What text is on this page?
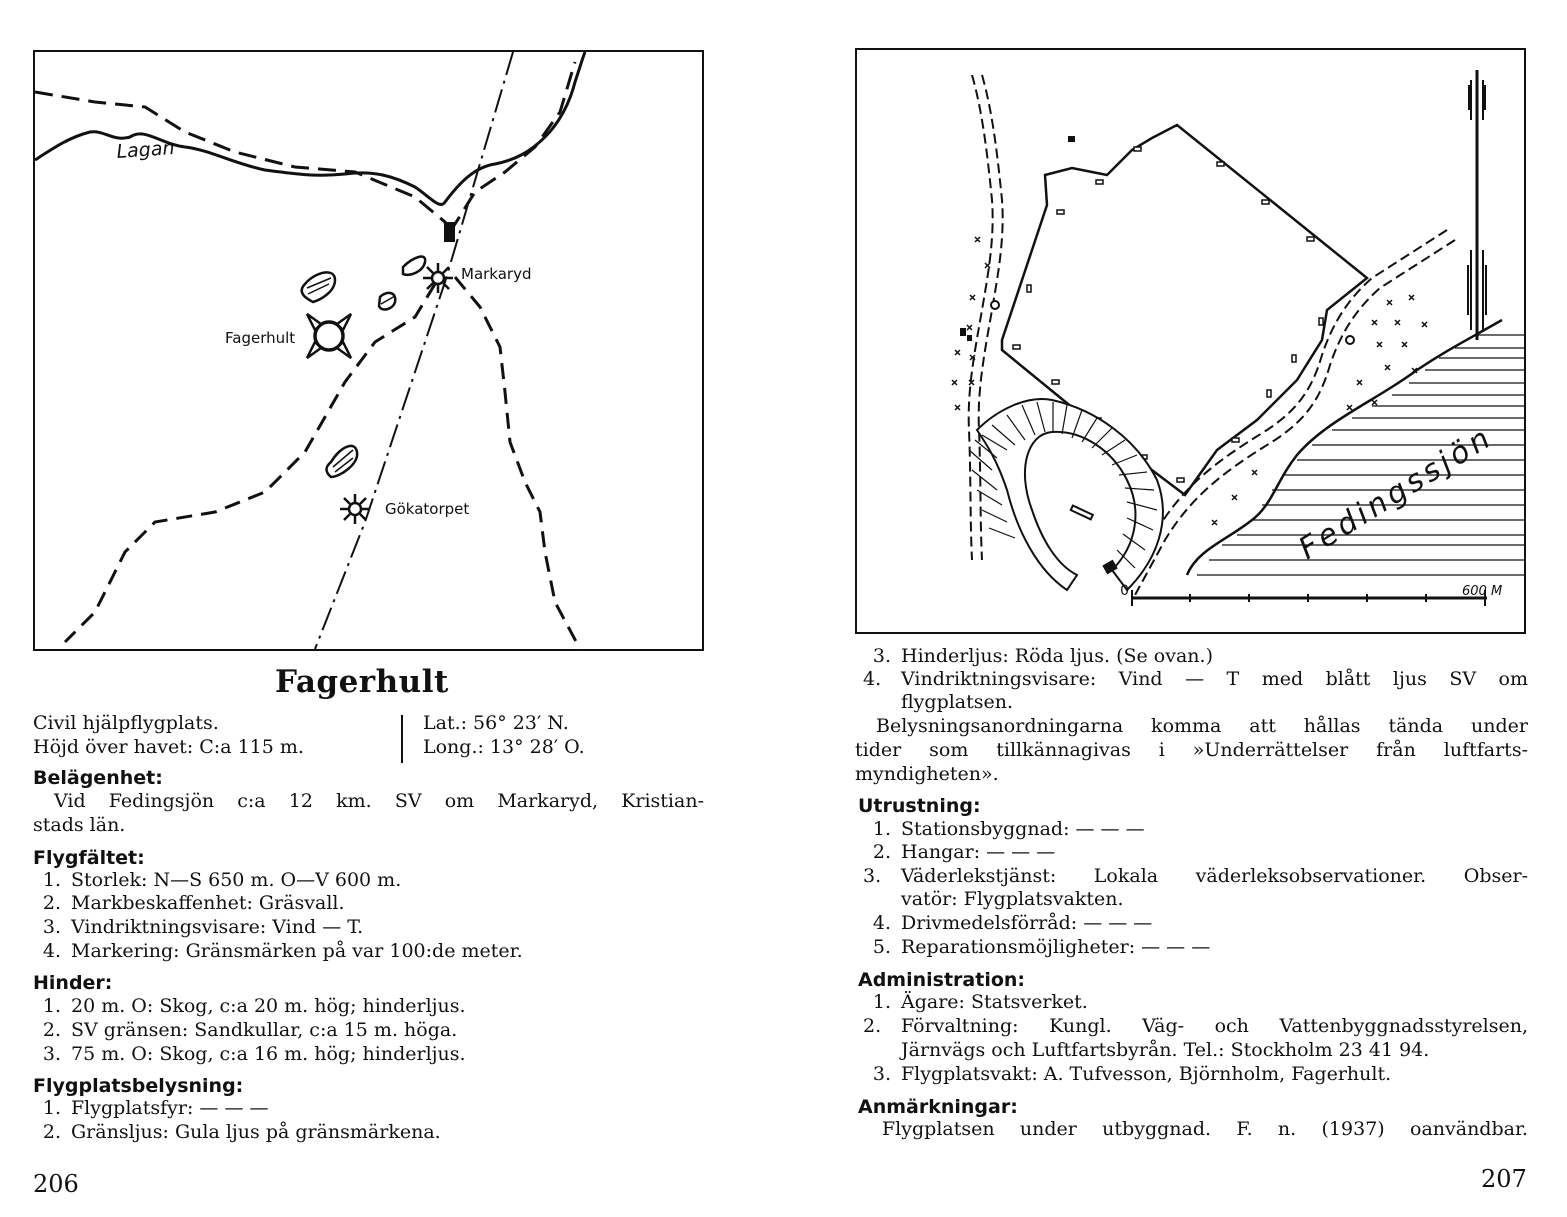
Lagan
Markaryd
Fagerhult
Gökatorpet
Fagerhult
Civil hjälpflygplats.
Höjd över havet: C:a 115 m.
Lat.: 56° 23′ N.
Long.: 13° 28′ O.
Belägenhet:
Vid Fedingsjön c:a 12 km. SV om Markaryd, Kristian-
stads län.
Flygfältet:
1. Storlek: N—S 650 m. O—V 600 m.
2. Markbeskaffenhet: Gräsvall.
3. Vindriktningsvisare: Vind — T.
4. Markering: Gränsmärken på var 100:de meter.
Hinder:
1. 20 m. O: Skog, c:a 20 m. hög; hinderljus.
2. SV gränsen: Sandkullar, c:a 15 m. höga.
3. 75 m. O: Skog, c:a 16 m. hög; hinderljus.
Flygplatsbelysning:
1. Flygplatsfyr: — — —
2. Gränsljus: Gula ljus på gränsmärkena.
206
0	600 M
Fedingssjön
3. Hinderljus: Röda ljus. (Se ovan.)
4. Vindriktningsvisare: Vind — T med blått ljus SV om
flygplatsen.
Belysningsanordningarna komma att hållas tända under
tider som tillkännagivas i »Underrättelser från luftfarts-
myndigheten».
Utrustning:
1. Stationsbyggnad: — — —
2. Hangar: — — —
3. Väderlekstjänst: Lokala väderleksobservationer. Obser-
vatör: Flygplatsvakten.
4. Drivmedelsförråd: — — —
5. Reparationsmöjligheter: — — —
Administration:
1. Ägare: Statsverket.
2. Förvaltning: Kungl. Väg- och Vattenbyggnadsstyrelsen,
Järnvägs och Luftfartsbyrån. Tel.: Stockholm 23 41 94.
3. Flygplatsvakt: A. Tufvesson, Björnholm, Fagerhult.
Anmärkningar:
Flygplatsen under utbyggnad. F. n. (1937) oanvändbar.
207
